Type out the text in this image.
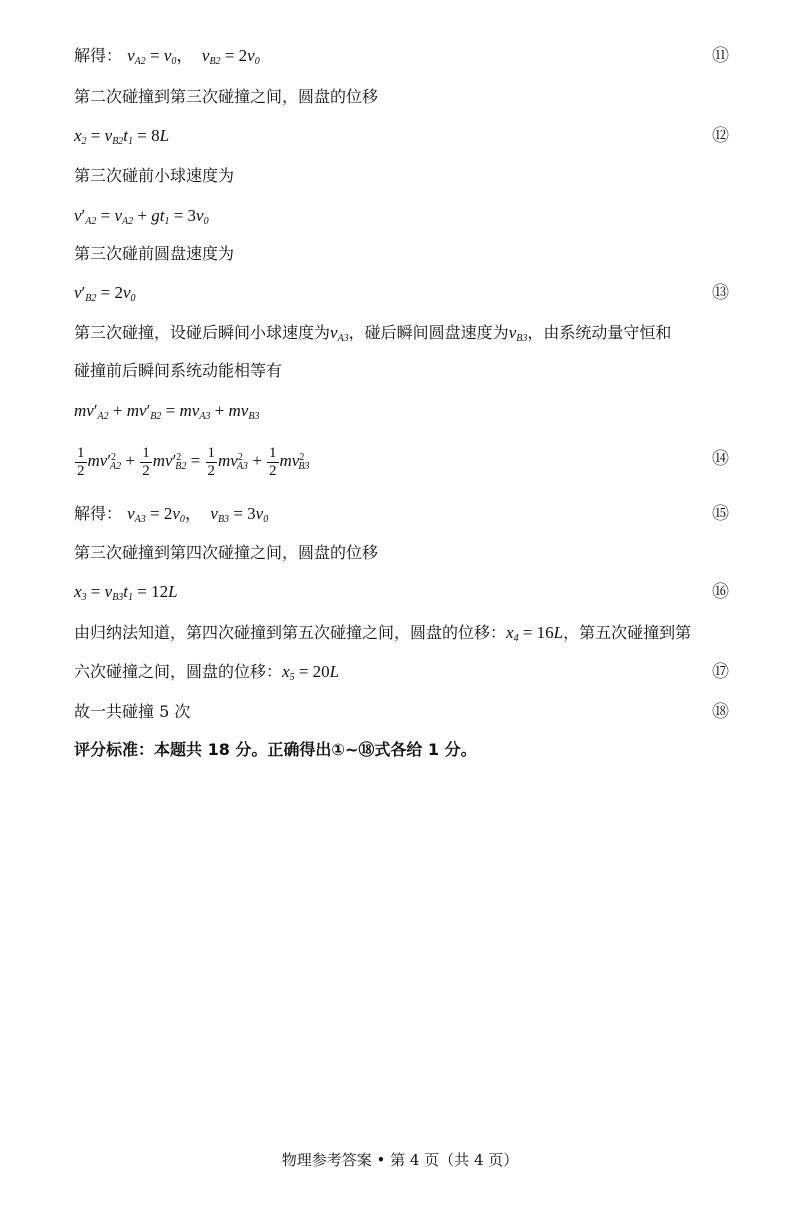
解得： $v_{A2} = v_0$，  $v_{B2} = 2v_0$	⑪
第二次碰撞到第三次碰撞之间，圆盘的位移
$x_2 = v_{B2}t_1 = 8L$	⑫
第三次碰前小球速度为
$v'_{A2} = v_{A2} + gt_1 = 3v_0$
第三次碰前圆盘速度为
$v'_{B2} = 2v_0$	⑬
第三次碰撞，设碰后瞬间小球速度为$v_{A3}$，碰后瞬间圆盘速度为$v_{B3}$，由系统动量守恒和
碰撞前后瞬间系统动能相等有
$mv'_{A2} + mv'_{B2} = mv_{A3} + mv_{B3}$
$\frac{1}{2} mv'^2_{A2} + \frac{1}{2} mv'^2_{B2} = \frac{1}{2} mv^2_{A3} + \frac{1}{2} mv^2_{B3}$	⑭
解得： $v_{A3} = 2v_0$，  $v_{B3} = 3v_0$	⑮
第三次碰撞到第四次碰撞之间，圆盘的位移
$x_3 = v_{B3}t_1 = 12L$	⑯
由归纳法知道，第四次碰撞到第五次碰撞之间，圆盘的位移：$x_4 = 16L$，第五次碰撞到第
六次碰撞之间，圆盘的位移：$x_5 = 20L$	⑰
故一共碰撞 5 次	⑱
评分标准：本题共 18 分。正确得出①~⑱式各给 1 分。
物理参考答案 • 第 4 页（共 4 页）
